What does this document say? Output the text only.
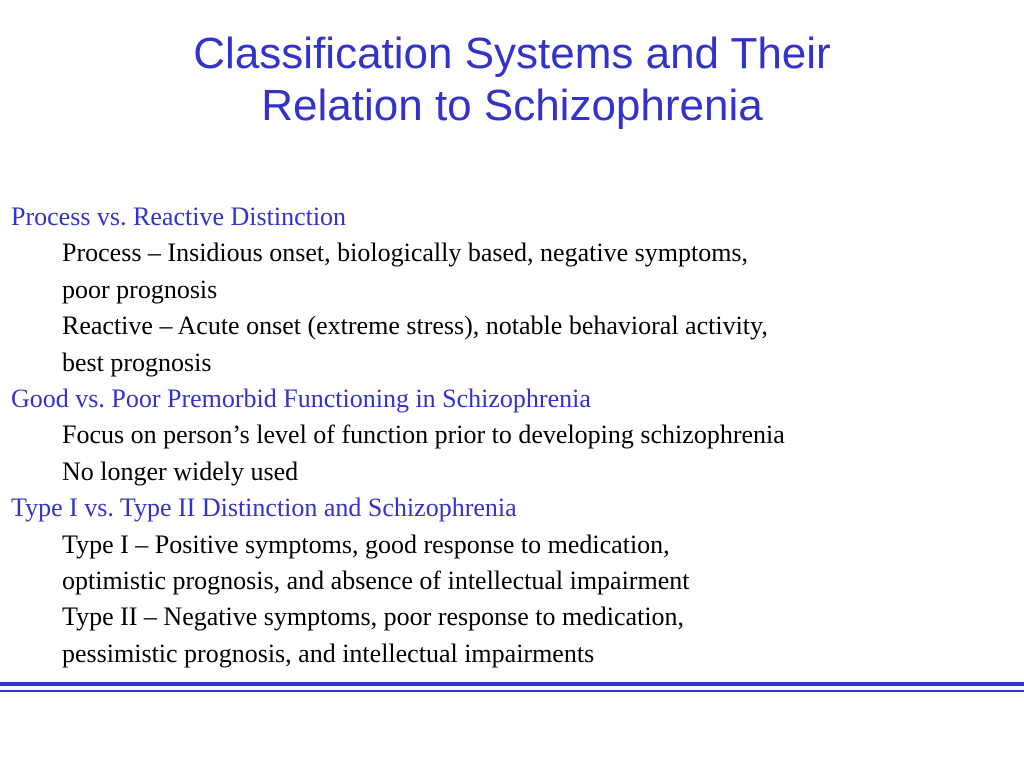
Classification Systems and Their
Relation to Schizophrenia
Process vs. Reactive Distinction
Process – Insidious onset, biologically based, negative symptoms,
poor prognosis
Reactive – Acute onset (extreme stress), notable behavioral activity,
best prognosis
Good vs. Poor Premorbid Functioning in Schizophrenia
Focus on person’s level of function prior to developing schizophrenia
No longer widely used
Type I vs. Type II Distinction and Schizophrenia
Type I – Positive symptoms, good response to medication,
optimistic prognosis, and absence of intellectual impairment
Type II – Negative symptoms, poor response to medication,
pessimistic prognosis, and intellectual impairments
